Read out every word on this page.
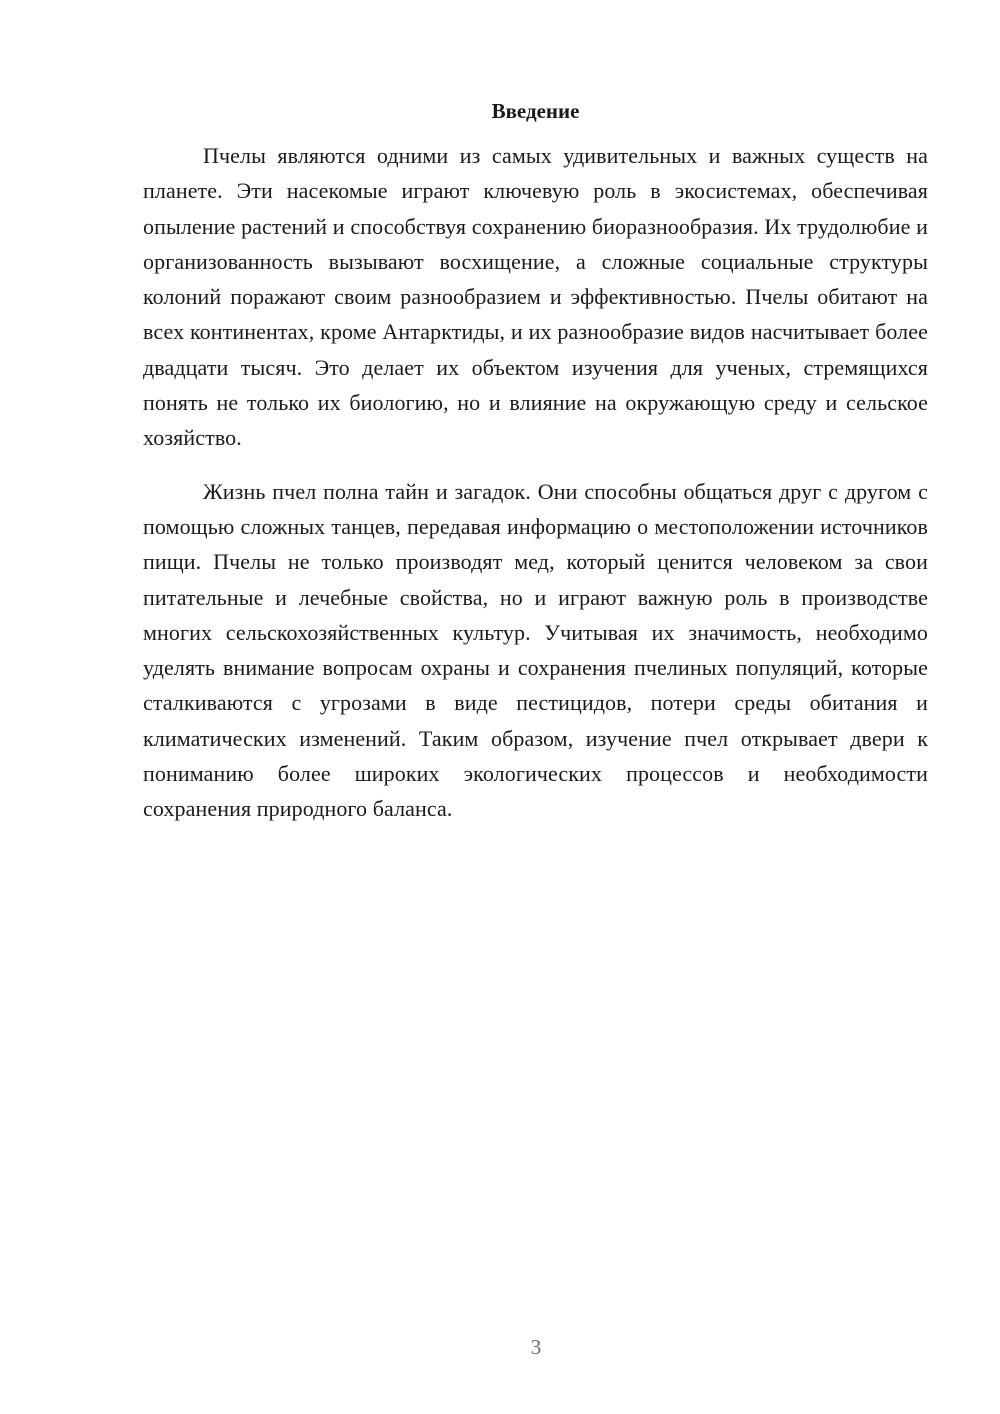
Введение

Пчелы являются одними из самых удивительных и важных существ на планете. Эти насекомые играют ключевую роль в экосистемах, обеспечивая опыление растений и способствуя сохранению биоразнообразия. Их трудолюбие и организованность вызывают восхищение, а сложные социальные структуры колоний поражают своим разнообразием и эффективностью. Пчелы обитают на всех континентах, кроме Антарктиды, и их разнообразие видов насчитывает более двадцати тысяч. Это делает их объектом изучения для ученых, стремящихся понять не только их биологию, но и влияние на окружающую среду и сельское хозяйство.

Жизнь пчел полна тайн и загадок. Они способны общаться друг с другом с помощью сложных танцев, передавая информацию о местоположении источников пищи. Пчелы не только производят мед, который ценится человеком за свои питательные и лечебные свойства, но и играют важную роль в производстве многих сельскохозяйственных культур. Учитывая их значимость, необходимо уделять внимание вопросам охраны и сохранения пчелиных популяций, которые сталкиваются с угрозами в виде пестицидов, потери среды обитания и климатических изменений. Таким образом, изучение пчел открывает двери к пониманию более широких экологических процессов и необходимости сохранения природного баланса.

3
